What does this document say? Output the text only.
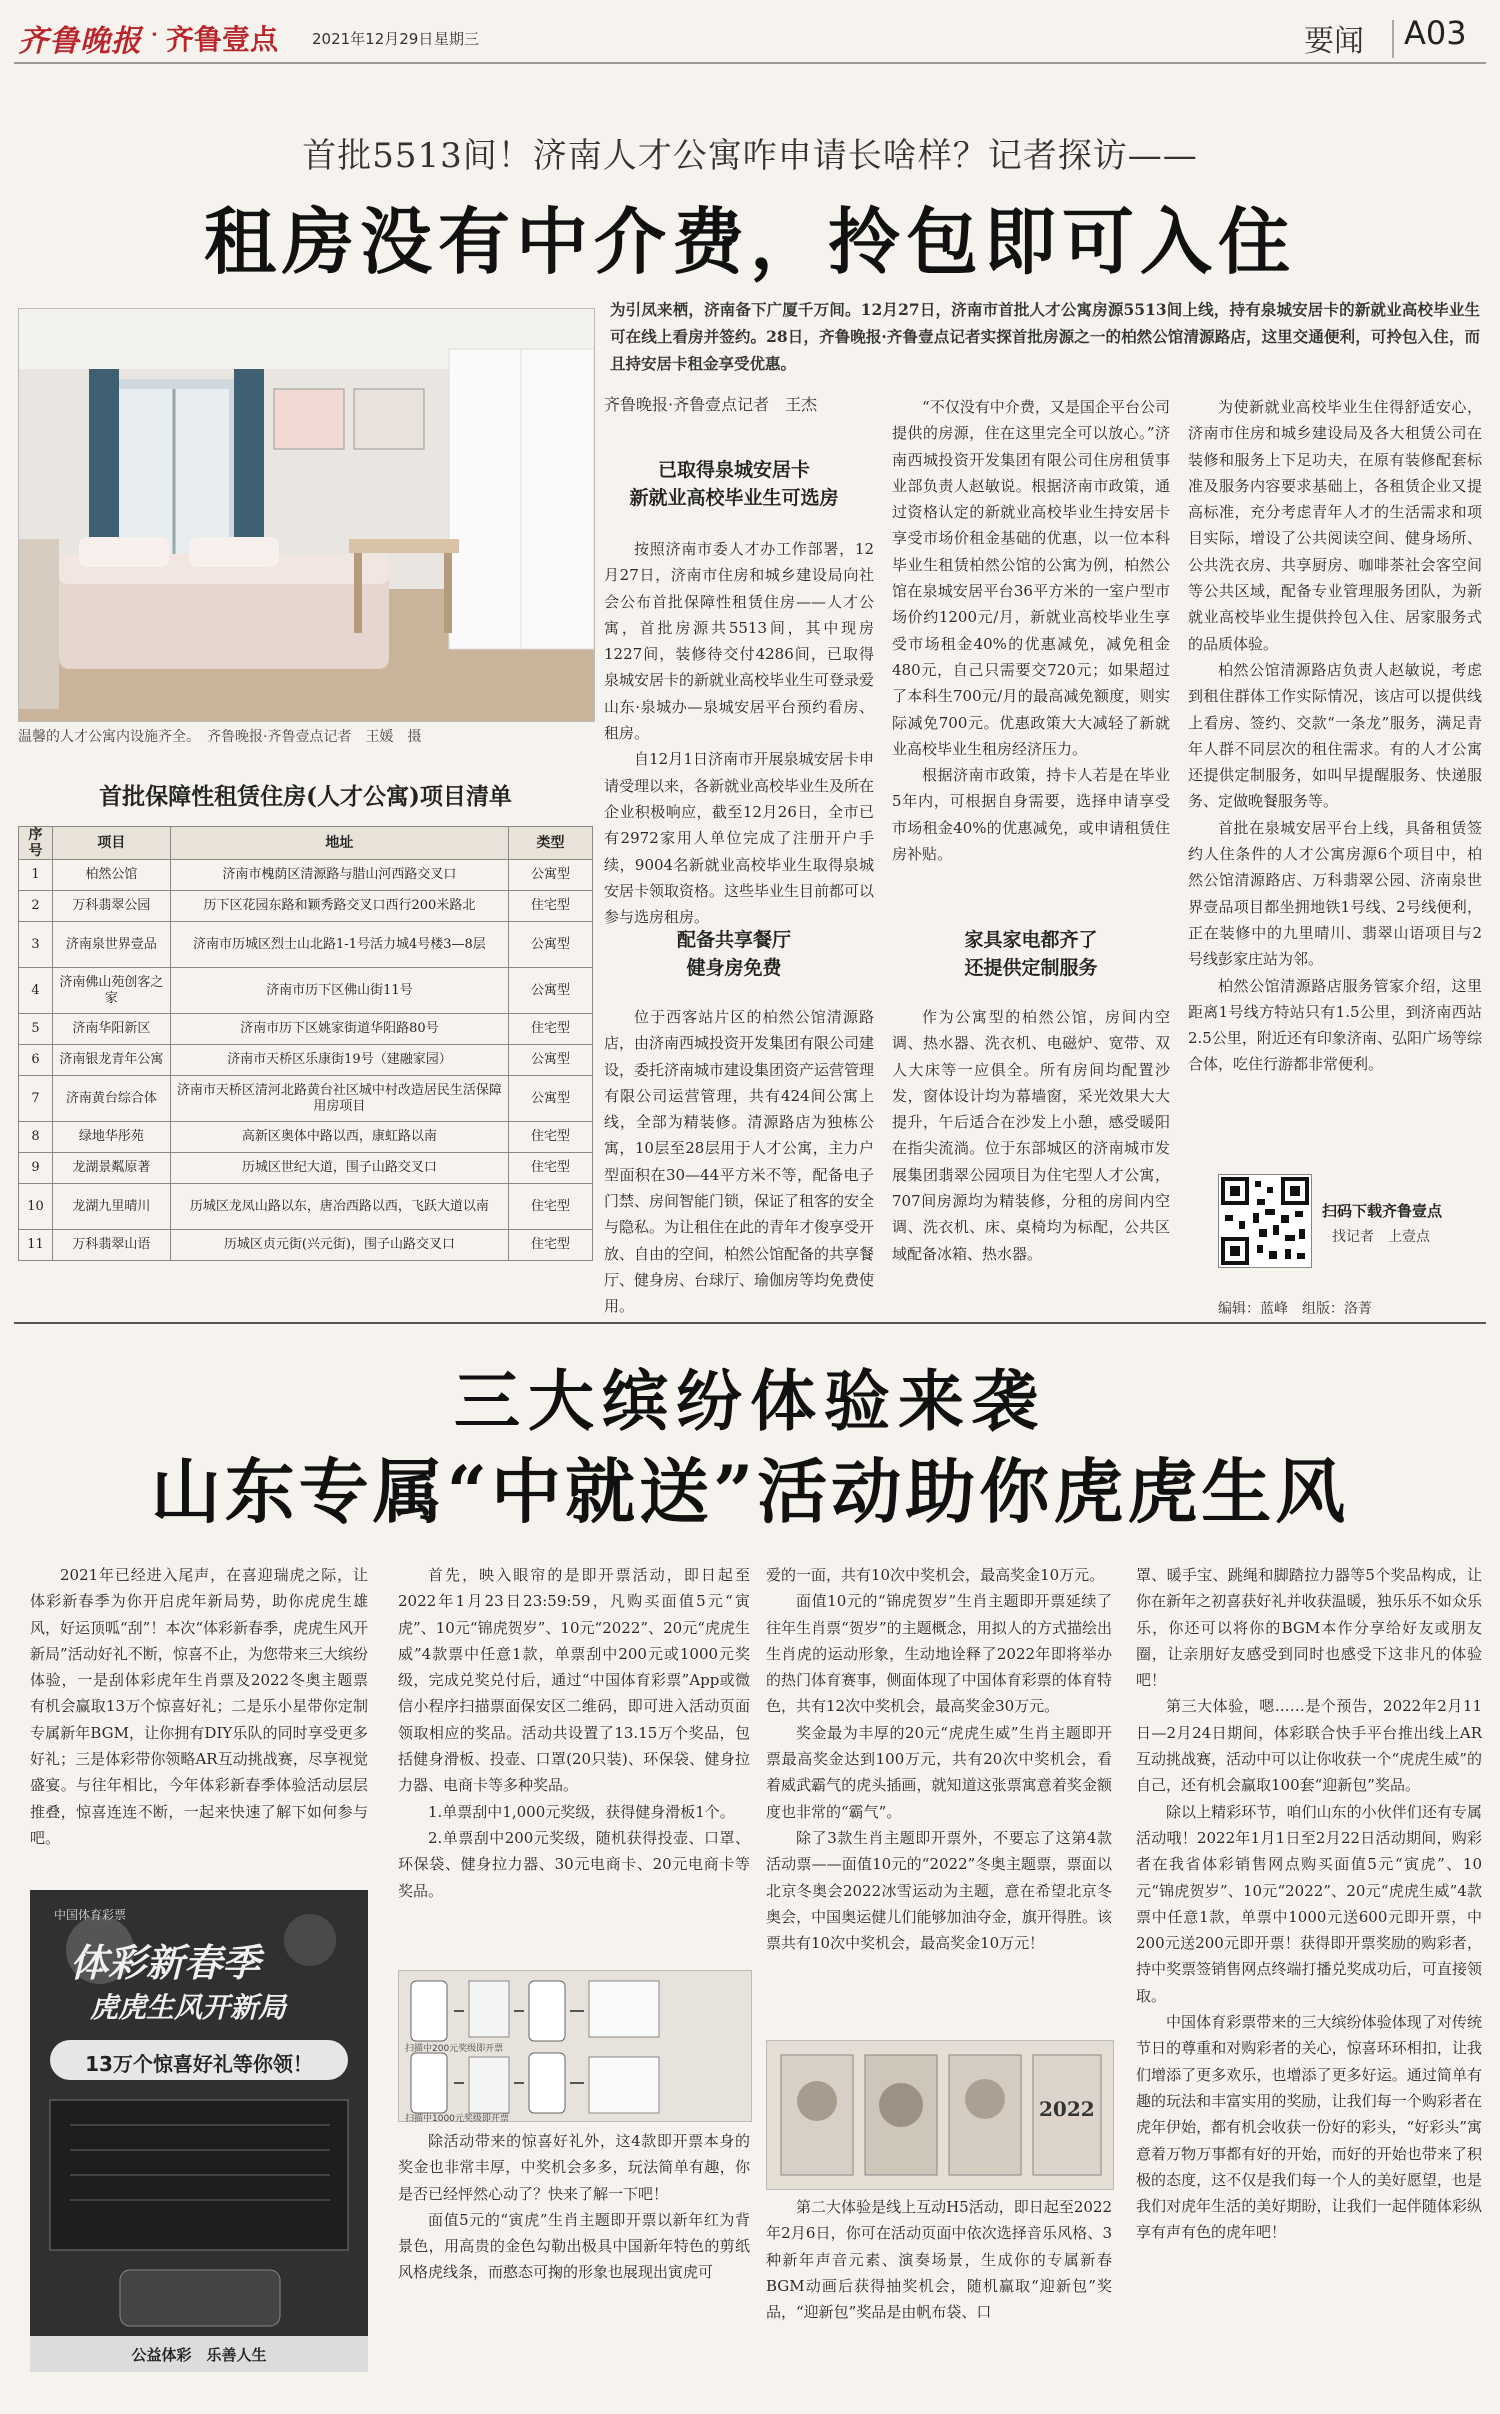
齐鲁晚报 · 齐鲁壹点 2021年12月29日 星期三	要闻 A03
首批5513间！济南人才公寓咋申请长啥样？记者探访——
租房没有中介费，拎包即可入住
为引凤来栖，济南备下广厦千万间。12月27日，济南市首批人才公寓房源5513间上线，持有泉城安居卡的新就业高校毕业生可在线上看房并签约。28日，齐鲁晚报·齐鲁壹点记者实探首批房源之一的柏然公馆清源路店，这里交通便利，可拎包入住，而且持安居卡租金享受优惠。
温馨的人才公寓内设施齐全。　齐鲁晚报·齐鲁壹点记者　王媛　摄
首批保障性租赁住房(人才公寓)项目清单
序号	项目	地址	类型
1	柏然公馆	济南市槐荫区清源路与腊山河西路交叉口	公寓型
2	万科翡翠公园	历下区花园东路和颖秀路交叉口西行200米路北	住宅型
3	济南泉世界壹品	济南市历城区烈士山北路1-1号活力城4号楼3—8层	公寓型
4	济南佛山苑创客之家	济南市历下区佛山街11号	公寓型
5	济南华阳新区	济南市历下区姚家街道华阳路80号	住宅型
6	济南银龙青年公寓	济南市天桥区乐康街19号（建融家园）	公寓型
7	济南黄台综合体	济南市天桥区清河北路黄台社区城中村改造居民生活保障用房项目	公寓型
8	绿地华彤苑	高新区奥体中路以西，康虹路以南	住宅型
9	龙湖景粼原著	历城区世纪大道，围子山路交叉口	住宅型
10	龙湖九里晴川	历城区龙凤山路以东，唐冶西路以西，飞跃大道以南	住宅型
11	万科翡翠山语	历城区贞元街(兴元街)，围子山路交叉口	住宅型
齐鲁晚报·齐鲁壹点记者　王杰
已取得泉城安居卡
新就业高校毕业生可选房

按照济南市委人才办工作部署，12月27日，济南市住房和城乡建设局向社会公布首批保障性租赁住房——人才公寓，首批房源共5513间，其中现房1227间，装修待交付4286间，已取得泉城安居卡的新就业高校毕业生可登录爱山东·泉城办—泉城安居平台预约看房、租房。

自12月1日济南市开展泉城安居卡申请受理以来，各新就业高校毕业生及所在企业积极响应，截至12月26日，全市已有2972家用人单位完成了注册开户手续，9004名新就业高校毕业生取得泉城安居卡领取资格。这些毕业生目前都可以参与选房租房。

配备共享餐厅
健身房免费

位于西客站片区的柏然公馆清源路店，由济南西城投资开发集团有限公司建设，委托济南城市建设集团资产运营管理有限公司运营管理，共有424间公寓上线，全部为精装修。清源路店为独栋公寓，10层至28层用于人才公寓，主力户型面积在30—44平方米不等，配备电子门禁、房间智能门锁，保证了租客的安全与隐私。为让租住在此的青年才俊享受开放、自由的空间，柏然公馆配备的共享餐厅、健身房、台球厅、瑜伽房等均免费使用。

“不仅没有中介费，又是国企平台公司提供的房源，住在这里完全可以放心。”济南西城投资开发集团有限公司住房租赁事业部负责人赵敏说。根据济南市政策，通过资格认定的新就业高校毕业生持安居卡享受市场价租金基础的优惠，以一位本科毕业生租赁柏然公馆的公寓为例，柏然公馆在泉城安居平台36平方米的一室户型市场价约1200元/月，新就业高校毕业生享受市场租金40%的优惠减免，减免租金480元，自己只需要交720元；如果超过了本科生700元/月的最高减免额度，则实际减免700元。优惠政策大大减轻了新就业高校毕业生租房经济压力。

根据济南市政策，持卡人若是在毕业5年内，可根据自身需要，选择申请享受市场租金40%的优惠减免，或申请租赁住房补贴。

家具家电都齐了
还提供定制服务

作为公寓型的柏然公馆，房间内空调、热水器、洗衣机、电磁炉、宽带、双人大床等一应俱全。所有房间均配置沙发，窗体设计均为幕墙窗，采光效果大大提升，午后适合在沙发上小憩，感受暖阳在指尖流淌。位于东部城区的济南城市发展集团翡翠公园项目为住宅型人才公寓，707间房源均为精装修，分租的房间内空调、洗衣机、床、桌椅均为标配，公共区域配备冰箱、热水器。

为使新就业高校毕业生住得舒适安心，济南市住房和城乡建设局及各大租赁公司在装修和服务上下足功夫，在原有装修配套标准及服务内容要求基础上，各租赁企业又提高标准，充分考虑青年人才的生活需求和项目实际，增设了公共阅读空间、健身场所、公共洗衣房、共享厨房、咖啡茶社会客空间等公共区域，配备专业管理服务团队，为新就业高校毕业生提供拎包入住、居家服务式的品质体验。

柏然公馆清源路店负责人赵敏说，考虑到租住群体工作实际情况，该店可以提供线上看房、签约、交款“一条龙”服务，满足青年人群不同层次的租住需求。有的人才公寓还提供定制服务，如叫早提醒服务、快递服务、定做晚餐服务等。

首批在泉城安居平台上线，具备租赁签约人住条件的人才公寓房源6个项目中，柏然公馆清源路店、万科翡翠公园、济南泉世界壹品项目都坐拥地铁1号线、2号线便利，正在装修中的九里晴川、翡翠山语项目与2号线彭家庄站为邻。

柏然公馆清源路店服务管家介绍，这里距离1号线方特站只有1.5公里，到济南西站2.5公里，附近还有印象济南、弘阳广场等综合体，吃住行游都非常便利。

扫码下载齐鲁壹点
找记者　上壹点
编辑：蓝峰　组版：洛菁
三大缤纷体验来袭
山东专属“中就送”活动助你虎虎生风

2021年已经进入尾声，在喜迎瑞虎之际，让体彩新春季为你开启虎年新局势，助你虎虎生雄风，好运顶呱“刮”！本次“体彩新春季，虎虎生风开新局”活动好礼不断，惊喜不止，为您带来三大缤纷体验，一是刮体彩虎年生肖票及2022冬奥主题票有机会赢取13万个惊喜好礼；二是乐小星带你定制专属新年BGM，让你拥有DIY乐队的同时享受更多好礼；三是体彩带你领略AR互动挑战赛，尽享视觉盛宴。与往年相比，今年体彩新春季体验活动层层推叠，惊喜连连不断，一起来快速了解下如何参与吧。

中国体育彩票
体彩新春季
虎虎生风开新局
13万个惊喜好礼等你领！
公益体彩　乐善人生

首先，映入眼帘的是即开票活动，即日起至2022年1月23日23:59:59，凡购买面值5元“寅虎”、10元“锦虎贺岁”、10元“2022”、20元“虎虎生威”4款票中任意1款，单票刮中200元或1000元奖级，完成兑奖兑付后，通过“中国体育彩票”App或微信小程序扫描票面保安区二维码，即可进入活动页面领取相应的奖品。活动共设置了13.15万个奖品，包括健身滑板、投壶、口罩(20只装)、环保袋、健身拉力器、电商卡等多种奖品。

1.单票刮中1,000元奖级，获得健身滑板1个。

2.单票刮中200元奖级，随机获得投壶、口罩、环保袋、健身拉力器、30元电商卡、20元电商卡等奖品。

扫描中200元奖级即开票
扫描中1000元奖级即开票

除活动带来的惊喜好礼外，这4款即开票本身的奖金也非常丰厚，中奖机会多多，玩法简单有趣，你是否已经怦然心动了？快来了解一下吧！

面值5元的“寅虎”生肖主题即开票以新年红为背景色，用高贵的金色勾勒出极具中国新年特色的剪纸风格虎线条，而憨态可掬的形象也展现出寅虎可

爱的一面，共有10次中奖机会，最高奖金10万元。

面值10元的“锦虎贺岁”生肖主题即开票延续了往年生肖票“贺岁”的主题概念，用拟人的方式描绘出生肖虎的运动形象，生动地诠释了2022年即将举办的热门体育赛事，侧面体现了中国体育彩票的体育特色，共有12次中奖机会，最高奖金30万元。

奖金最为丰厚的20元“虎虎生威”生肖主题即开票最高奖金达到100万元，共有20次中奖机会，看着威武霸气的虎头插画，就知道这张票寓意着奖金额度也非常的“霸气”。

除了3款生肖主题即开票外，不要忘了这第4款活动票——面值10元的“2022”冬奥主题票，票面以北京冬奥会2022冰雪运动为主题，意在希望北京冬奥会，中国奥运健儿们能够加油夺金，旗开得胜。该票共有10次中奖机会，最高奖金10万元！

2022

第二大体验是线上互动H5活动，即日起至2022年2月6日，你可在活动页面中依次选择音乐风格、3种新年声音元素、演奏场景，生成你的专属新春BGM动画后获得抽奖机会，随机赢取“迎新包”奖品，“迎新包”奖品是由帆布袋、口

罩、暖手宝、跳绳和脚踏拉力器等5个奖品构成，让你在新年之初喜获好礼并收获温暖，独乐乐不如众乐乐，你还可以将你的BGM本作分享给好友或朋友圈，让亲朋好友感受到同时也感受下这非凡的体验吧！

第三大体验，嗯……是个预告，2022年2月11日—2月24日期间，体彩联合快手平台推出线上AR互动挑战赛，活动中可以让你收获一个“虎虎生威”的自己，还有机会赢取100套“迎新包”奖品。

除以上精彩环节，咱们山东的小伙伴们还有专属活动哦！2022年1月1日至2月22日活动期间，购彩者在我省体彩销售网点购买面值5元“寅虎”、10元“锦虎贺岁”、10元“2022”、20元“虎虎生威”4款票中任意1款，单票中1000元送600元即开票，中200元送200元即开票！获得即开票奖励的购彩者，持中奖票签销售网点终端打播兑奖成功后，可直接领取。

中国体育彩票带来的三大缤纷体验体现了对传统节日的尊重和对购彩者的关心，惊喜环环相扣，让我们增添了更多欢乐，也增添了更多好运。通过简单有趣的玩法和丰富实用的奖励，让我们每一个购彩者在虎年伊始，都有机会收获一份好的彩头，“好彩头”寓意着万物万事都有好的开始，而好的开始也带来了积极的态度，这不仅是我们每一个人的美好愿望，也是我们对虎年生活的美好期盼，让我们一起伴随体彩纵享有声有色的虎年吧！
